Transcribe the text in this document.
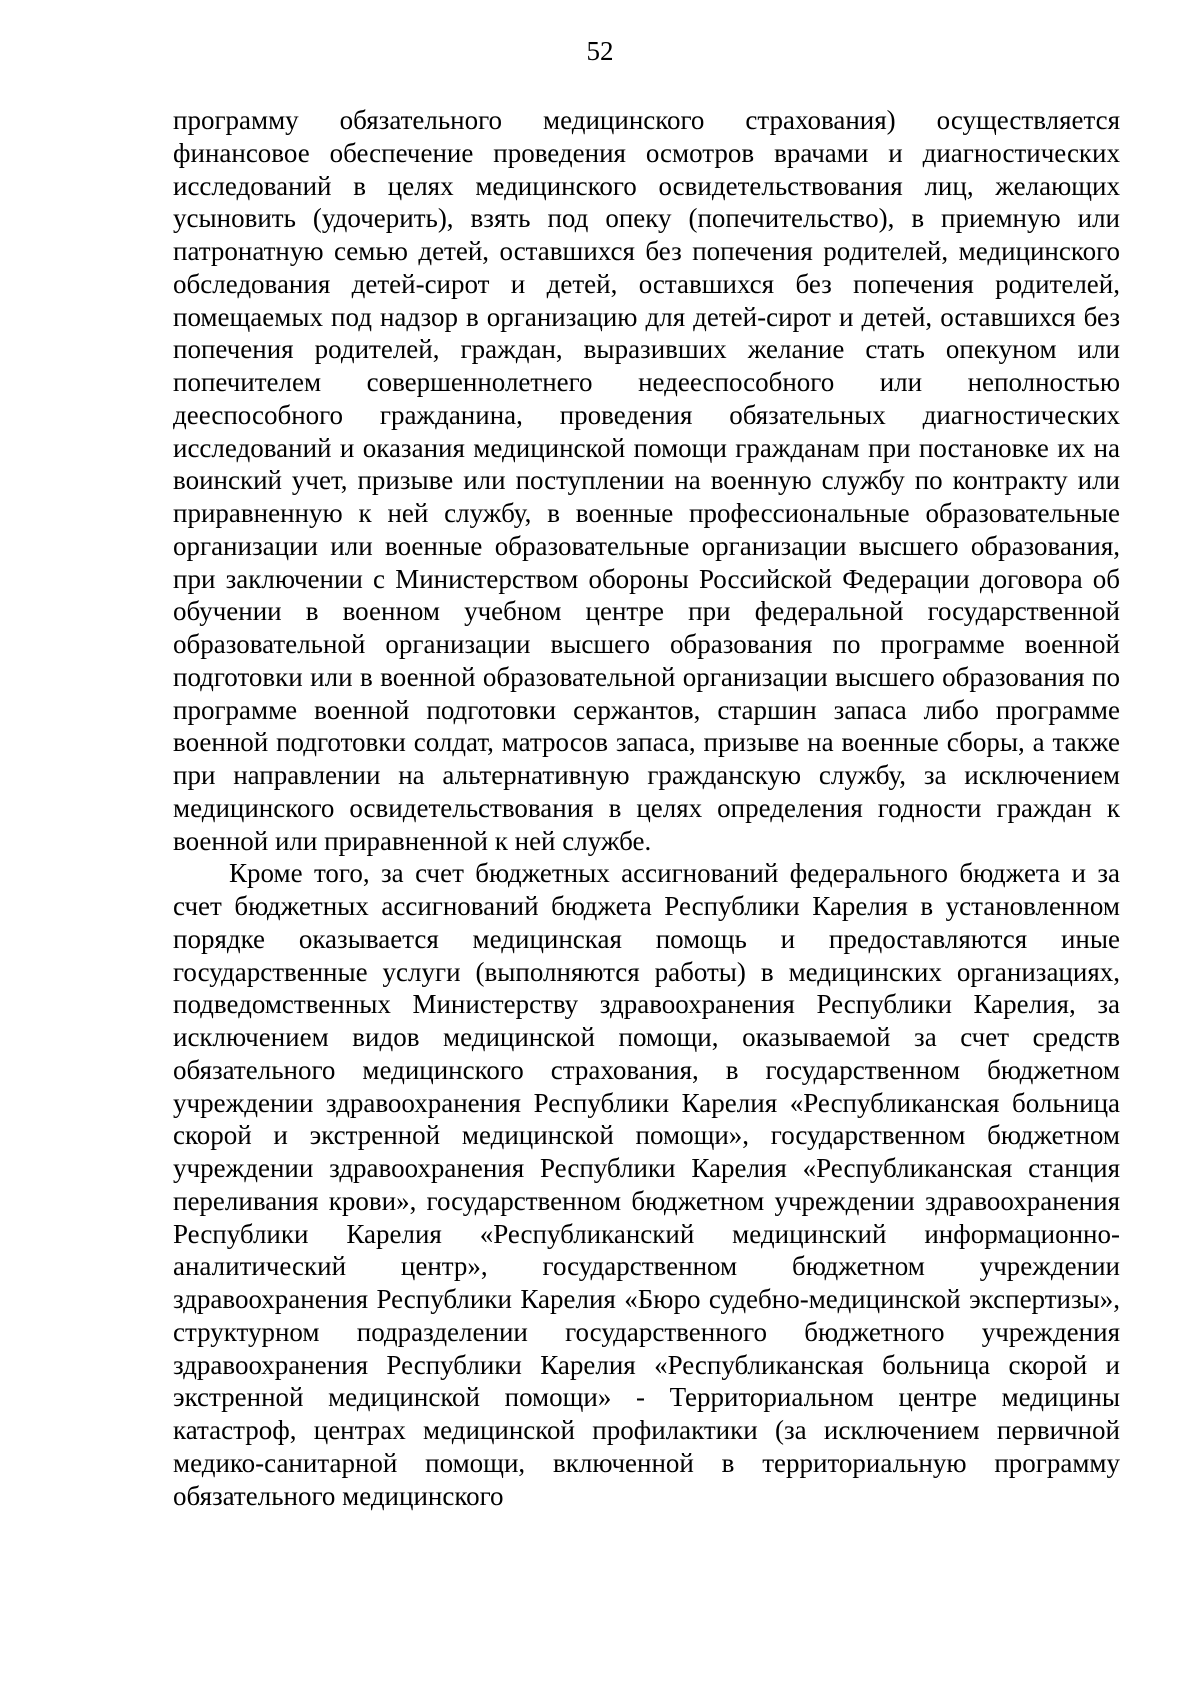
52

программу обязательного медицинского страхования) осуществляется финансовое обеспечение проведения осмотров врачами и диагностических исследований в целях медицинского освидетельствования лиц, желающих усыновить (удочерить), взять под опеку (попечительство), в приемную или патронатную семью детей, оставшихся без попечения родителей, медицинского обследования детей-сирот и детей, оставшихся без попечения родителей, помещаемых под надзор в организацию для детей-сирот и детей, оставшихся без попечения родителей, граждан, выразивших желание стать опекуном или попечителем совершеннолетнего недееспособного или неполностью дееспособного гражданина, проведения обязательных диагностических исследований и оказания медицинской помощи гражданам при постановке их на воинский учет, призыве или поступлении на военную службу по контракту или приравненную к ней службу, в военные профессиональные образовательные организации или военные образовательные организации высшего образования, при заключении с Министерством обороны Российской Федерации договора об обучении в военном учебном центре при федеральной государственной образовательной организации высшего образования по программе военной подготовки или в военной образовательной организации высшего образования по программе военной подготовки сержантов, старшин запаса либо программе военной подготовки солдат, матросов запаса, призыве на военные сборы, а также при направлении на альтернативную гражданскую службу, за исключением медицинского освидетельствования в целях определения годности граждан к военной или приравненной к ней службе.

Кроме того, за счет бюджетных ассигнований федерального бюджета и за счет бюджетных ассигнований бюджета Республики Карелия в установленном порядке оказывается медицинская помощь и предоставляются иные государственные услуги (выполняются работы) в медицинских организациях, подведомственных Министерству здравоохранения Республики Карелия, за исключением видов медицинской помощи, оказываемой за счет средств обязательного медицинского страхования, в государственном бюджетном учреждении здравоохранения Республики Карелия «Республиканская больница скорой и экстренной медицинской помощи», государственном бюджетном учреждении здравоохранения Республики Карелия «Республиканская станция переливания крови», государственном бюджетном учреждении здравоохранения Республики Карелия «Республиканский медицинский информационно-аналитический центр», государственном бюджетном учреждении здравоохранения Республики Карелия «Бюро судебно-медицинской экспертизы», структурном подразделении государственного бюджетного учреждения здравоохранения Республики Карелия «Республиканская больница скорой и экстренной медицинской помощи» - Территориальном центре медицины катастроф, центрах медицинской профилактики (за исключением первичной медико-санитарной помощи, включенной в территориальную программу обязательного медицинского
